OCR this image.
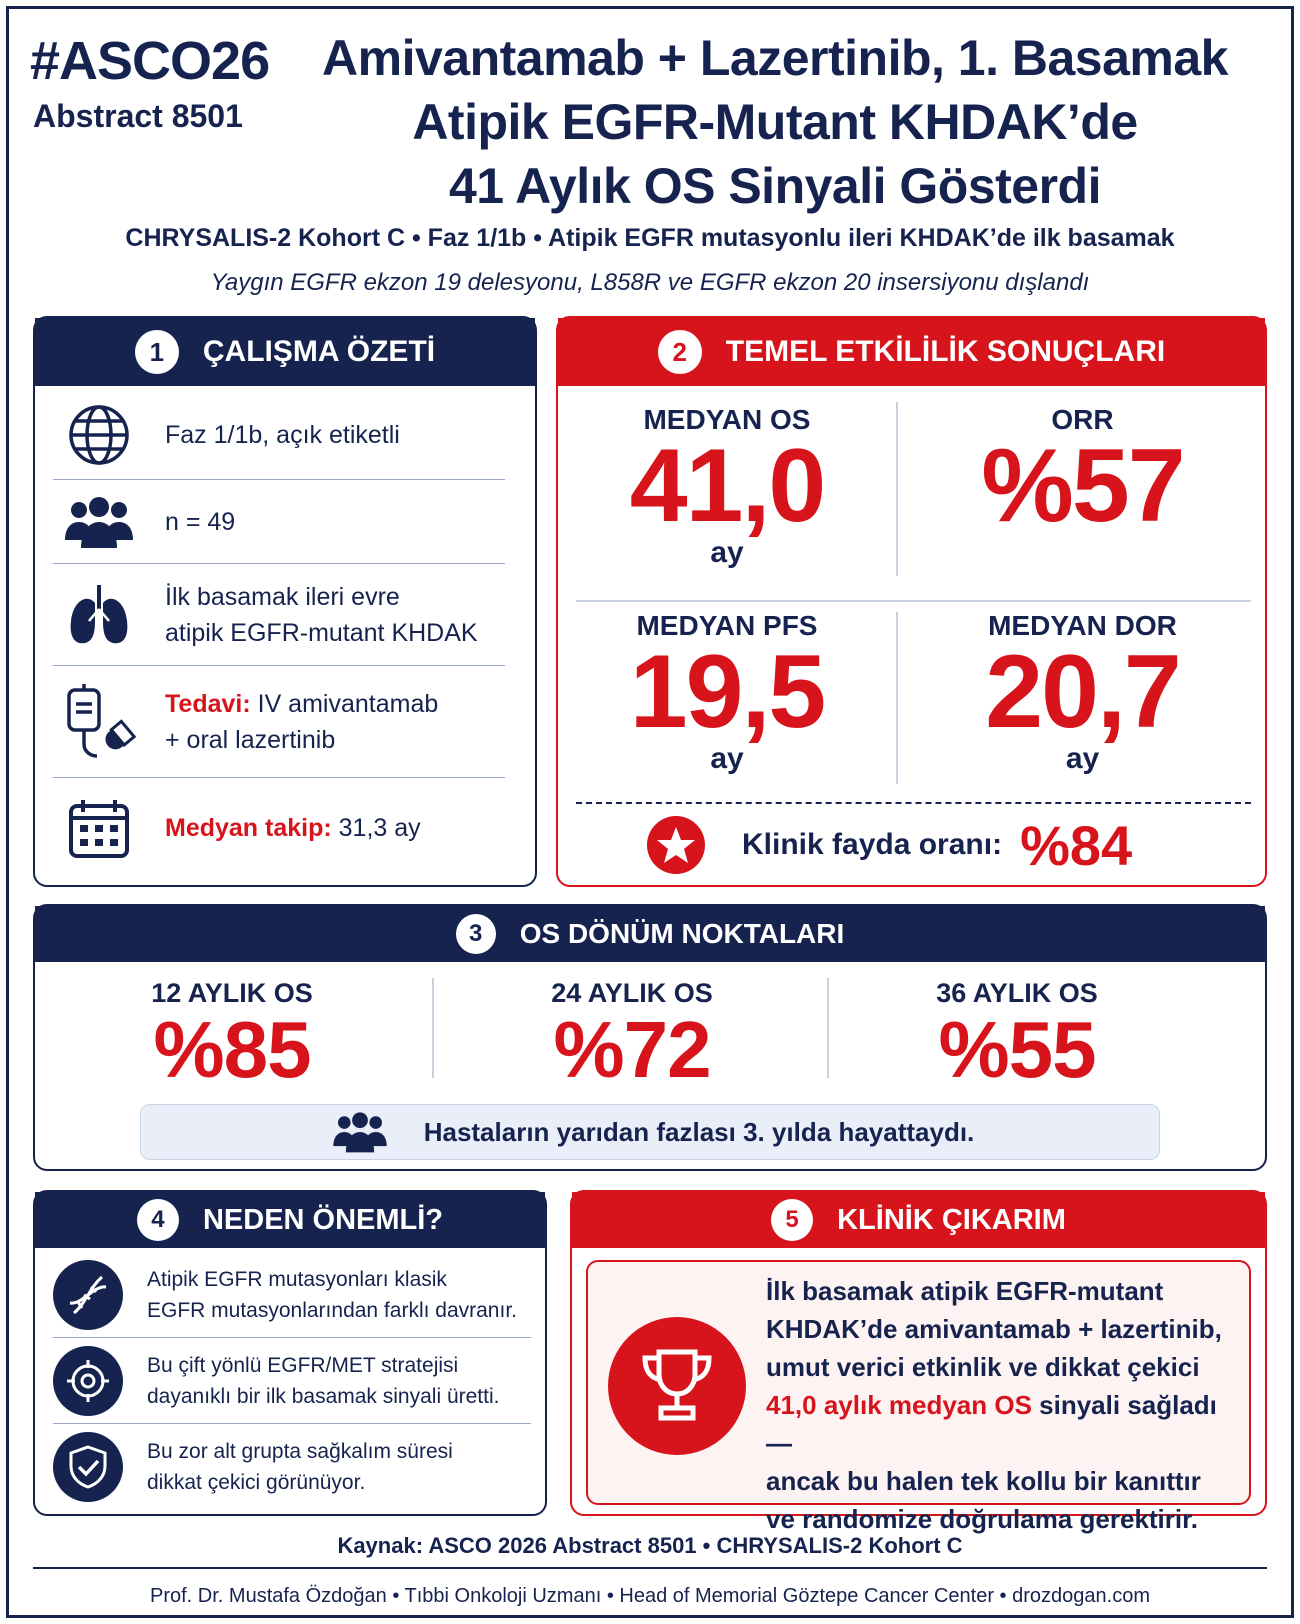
#ASCO26
Abstract 8501
Amivantamab + Lazertinib, 1. Basamak
Atipik EGFR-Mutant KHDAK’de
41 Aylık OS Sinyali Gösterdi
CHRYSALIS-2 Kohort C • Faz 1/1b • Atipik EGFR mutasyonlu ileri KHDAK’de ilk basamak
Yaygın EGFR ekzon 19 delesyonu, L858R ve EGFR ekzon 20 insersiyonu dışlandı
1	ÇALIŞMA ÖZETİ
Faz 1/1b, açık etiketli
n = 49
İlk basamak ileri evre
atipik EGFR-mutant KHDAK
Tedavi: IV amivantamab
+ oral lazertinib
Medyan takip: 31,3 ay
2	TEMEL ETKİLİLİK SONUÇLARI
MEDYAN OS
41,0
ay
ORR
%57
MEDYAN PFS
19,5
ay
MEDYAN DOR
20,7
ay
Klinik fayda oranı: %84
3	OS DÖNÜM NOKTALARI
12 AYLIK OS
%85
24 AYLIK OS
%72
36 AYLIK OS
%55
Hastaların yarıdan fazlası 3. yılda hayattaydı.
4	NEDEN ÖNEMLİ?
Atipik EGFR mutasyonları klasik
EGFR mutasyonlarından farklı davranır.
Bu çift yönlü EGFR/MET stratejisi
dayanıklı bir ilk basamak sinyali üretti.
Bu zor alt grupta sağkalım süresi
dikkat çekici görünüyor.
5	KLİNİK ÇIKARIM
İlk basamak atipik EGFR-mutant
KHDAK’de amivantamab + lazertinib,
umut verici etkinlik ve dikkat çekici
41,0 aylık medyan OS sinyali sağladı —
ancak bu halen tek kollu bir kanıttır
ve randomize doğrulama gerektirir.
Kaynak: ASCO 2026 Abstract 8501 • CHRYSALIS-2 Kohort C
Prof. Dr. Mustafa Özdoğan • Tıbbi Onkoloji Uzmanı • Head of Memorial Göztepe Cancer Center • drozdogan.com
